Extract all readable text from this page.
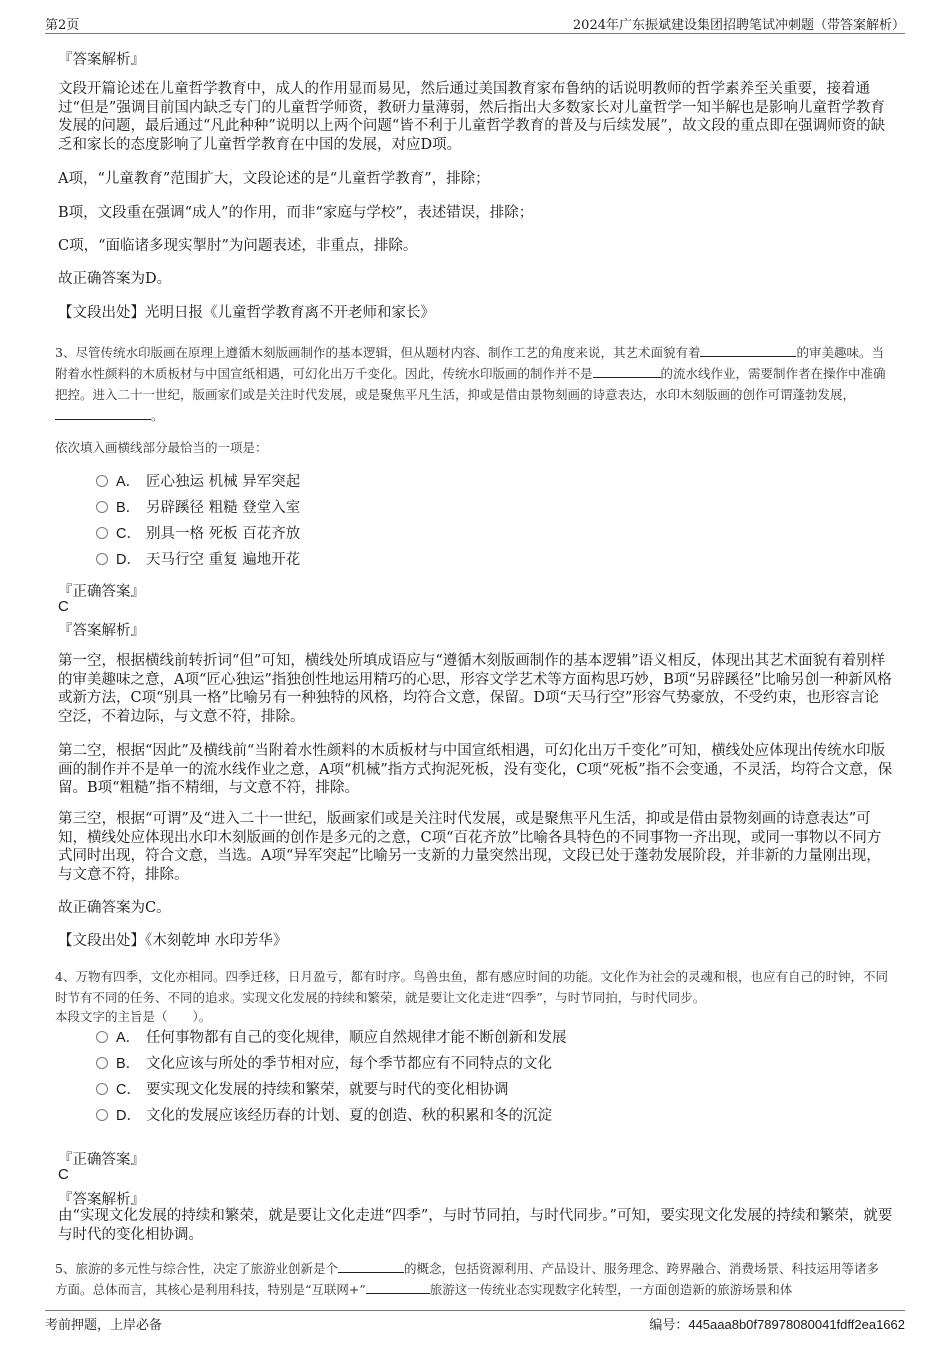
第2页	2024年广东振斌建设集团招聘笔试冲刺题（带答案解析）
『答案解析』
文段开篇论述在儿童哲学教育中，成人的作用显而易见，然后通过美国教育家布鲁纳的话说明教师的哲学素养至关重要，接着通过“但是”强调目前国内缺乏专门的儿童哲学师资，教研力量薄弱，然后指出大多数家长对儿童哲学一知半解也是影响儿童哲学教育发展的问题，最后通过“凡此种种”说明以上两个问题“皆不利于儿童哲学教育的普及与后续发展”，故文段的重点即在强调师资的缺乏和家长的态度影响了儿童哲学教育在中国的发展，对应D项。
A项，“儿童教育”范围扩大，文段论述的是“儿童哲学教育”，排除；
B项，文段重在强调“成人”的作用，而非“家庭与学校”，表述错误，排除；
C项，“面临诸多现实掣肘”为问题表述，非重点，排除。
故正确答案为D。
【文段出处】光明日报《儿童哲学教育离不开老师和家长》
3、尽管传统水印版画在原理上遵循木刻版画制作的基本逻辑，但从题材内容、制作工艺的角度来说，其艺术面貌有着	的审美趣味。当附着水性颜料的木质板材与中国宣纸相遇，可幻化出万千变化。因此，传统水印版画的制作并不是	的流水线作业，需要制作者在操作中准确把控。进入二十一世纪，版画家们或是关注时代发展，或是聚焦平凡生活，抑或是借由景物刻画的诗意表达，水印木刻版画的创作可谓蓬勃发展，。
依次填入画横线部分最恰当的一项是：
A． 匠心独运 机械 异军突起
B． 另辟蹊径 粗糙 登堂入室
C． 别具一格 死板 百花齐放
D． 天马行空 重复 遍地开花
『正确答案』
C
『答案解析』
第一空，根据横线前转折词“但”可知，横线处所填成语应与“遵循木刻版画制作的基本逻辑”语义相反，体现出其艺术面貌有着别样的审美趣味之意，A项“匠心独运”指独创性地运用精巧的心思，形容文学艺术等方面构思巧妙，B项“另辟蹊径”比喻另创一种新风格或新方法，C项“别具一格”比喻另有一种独特的风格，均符合文意，保留。D项“天马行空”形容气势豪放，不受约束，也形容言论空泛，不着边际，与文意不符，排除。
第二空，根据“因此”及横线前“当附着水性颜料的木质板材与中国宣纸相遇，可幻化出万千变化”可知，横线处应体现出传统水印版画的制作并不是单一的流水线作业之意，A项“机械”指方式拘泥死板，没有变化，C项“死板”指不会变通，不灵活，均符合文意，保留。B项“粗糙”指不精细，与文意不符，排除。
第三空，根据“可谓”及“进入二十一世纪，版画家们或是关注时代发展，或是聚焦平凡生活，抑或是借由景物刻画的诗意表达”可知，横线处应体现出水印木刻版画的创作是多元的之意，C项“百花齐放”比喻各具特色的不同事物一齐出现，或同一事物以不同方式同时出现，符合文意，当选。A项“异军突起”比喻另一支新的力量突然出现，文段已处于蓬勃发展阶段，并非新的力量刚出现，与文意不符，排除。
故正确答案为C。
【文段出处】《木刻乾坤 水印芳华》
4、万物有四季，文化亦相同。四季迁移，日月盈亏，都有时序。鸟兽虫鱼，都有感应时间的功能。文化作为社会的灵魂和根，也应有自己的时钟，不同时节有不同的任务、不同的追求。实现文化发展的持续和繁荣，就是要让文化走进“四季”，与时节同拍，与时代同步。
本段文字的主旨是（　　）。
A． 任何事物都有自己的变化规律，顺应自然规律才能不断创新和发展
B． 文化应该与所处的季节相对应，每个季节都应有不同特点的文化
C． 要实现文化发展的持续和繁荣，就要与时代的变化相协调
D． 文化的发展应该经历春的计划、夏的创造、秋的积累和冬的沉淀
『正确答案』
C
『答案解析』
由“实现文化发展的持续和繁荣，就是要让文化走进“四季”，与时节同拍，与时代同步。”可知，要实现文化发展的持续和繁荣，就要与时代的变化相协调。
5、旅游的多元性与综合性，决定了旅游业创新是个	的概念，包括资源利用、产品设计、服务理念、跨界融合、消费场景、科技运用等诸多方面。总体而言，其核心是利用科技，特别是“互联网+”	旅游这一传统业态实现数字化转型，一方面创造新的旅游场景和体
考前押题，上岸必备	编号：445aaa8b0f78978080041fdff2ea1662
